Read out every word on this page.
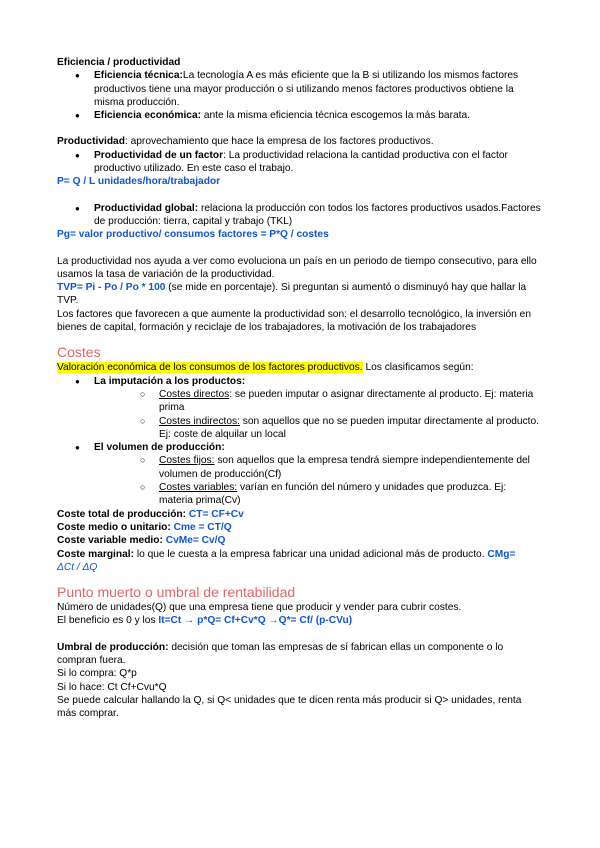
Eficiencia / productividad

● Eficiencia técnica:La tecnología A es más eficiente que la B si utilizando los mismos factores productivos tiene una mayor producción o si utilizando menos factores productivos obtiene la misma producción.
● Eficiencia económica: ante la misma eficiencia técnica escogemos la más barata.

Productividad: aprovechamiento que hace la empresa de los factores productivos.

● Productividad de un factor: La productividad relaciona la cantidad productiva con el factor productivo utilizado. En este caso el trabajo.

P= Q / L unidades/hora/trabajador

● Productividad global: relaciona la producción con todos los factores productivos usados.Factores de producción: tierra, capital y trabajo (TKL)

Pg= valor productivo/ consumos factores = P*Q / costes

La productividad nos ayuda a ver como evoluciona un país en un periodo de tiempo consecutivo, para ello usamos la tasa de variación de la productividad.

TVP= Pi - Po / Po * 100 (se mide en porcentaje). Si preguntan si aumentó o disminuyó hay que hallar la TVP.

Los factores que favorecen a que aumente la productividad son: el desarrollo tecnológico, la inversión en bienes de capital, formación y reciclaje de los trabajadores, la motivación de los trabajadores

Costes

Valoración económica de los consumos de los factores productivos. Los clasificamos según:

● La imputación a los productos:
○ Costes directos: se pueden imputar o asignar directamente al producto. Ej: materia prima
○ Costes indirectos: son aquellos que no se pueden imputar directamente al producto. Ej: coste de alquilar un local
● El volumen de producción:
○ Costes fijos: son aquellos que la empresa tendrá siempre independientemente del volumen de producción(Cf)
○ Costes variables: varían en función del número y unidades que produzca. Ej: materia prima(Cv)

Coste total de producción: CT= CF+Cv

Coste medio o unitario: Cme = CT/Q

Coste variable medio: CvMe= Cv/Q

Coste marginal: lo que le cuesta a la empresa fabricar una unidad adicional más de producto. CMg=
ΔCt / ΔQ

Punto muerto o umbral de rentabilidad

Número de unidades(Q) que una empresa tiene que producir y vender para cubrir costes.

El beneficio es 0 y los It=Ct → p*Q= Cf+Cv*Q →Q*= Cf/ (p-CVu)

Umbral de producción: decisión que toman las empresas de sí fabrican ellas un componente o lo compran fuera.

Si lo compra: Q*p

Si lo hace: Ct Cf+Cvu*Q

Se puede calcular hallando la Q, si Q< unidades que te dicen renta más producir si Q> unidades, renta más comprar.
